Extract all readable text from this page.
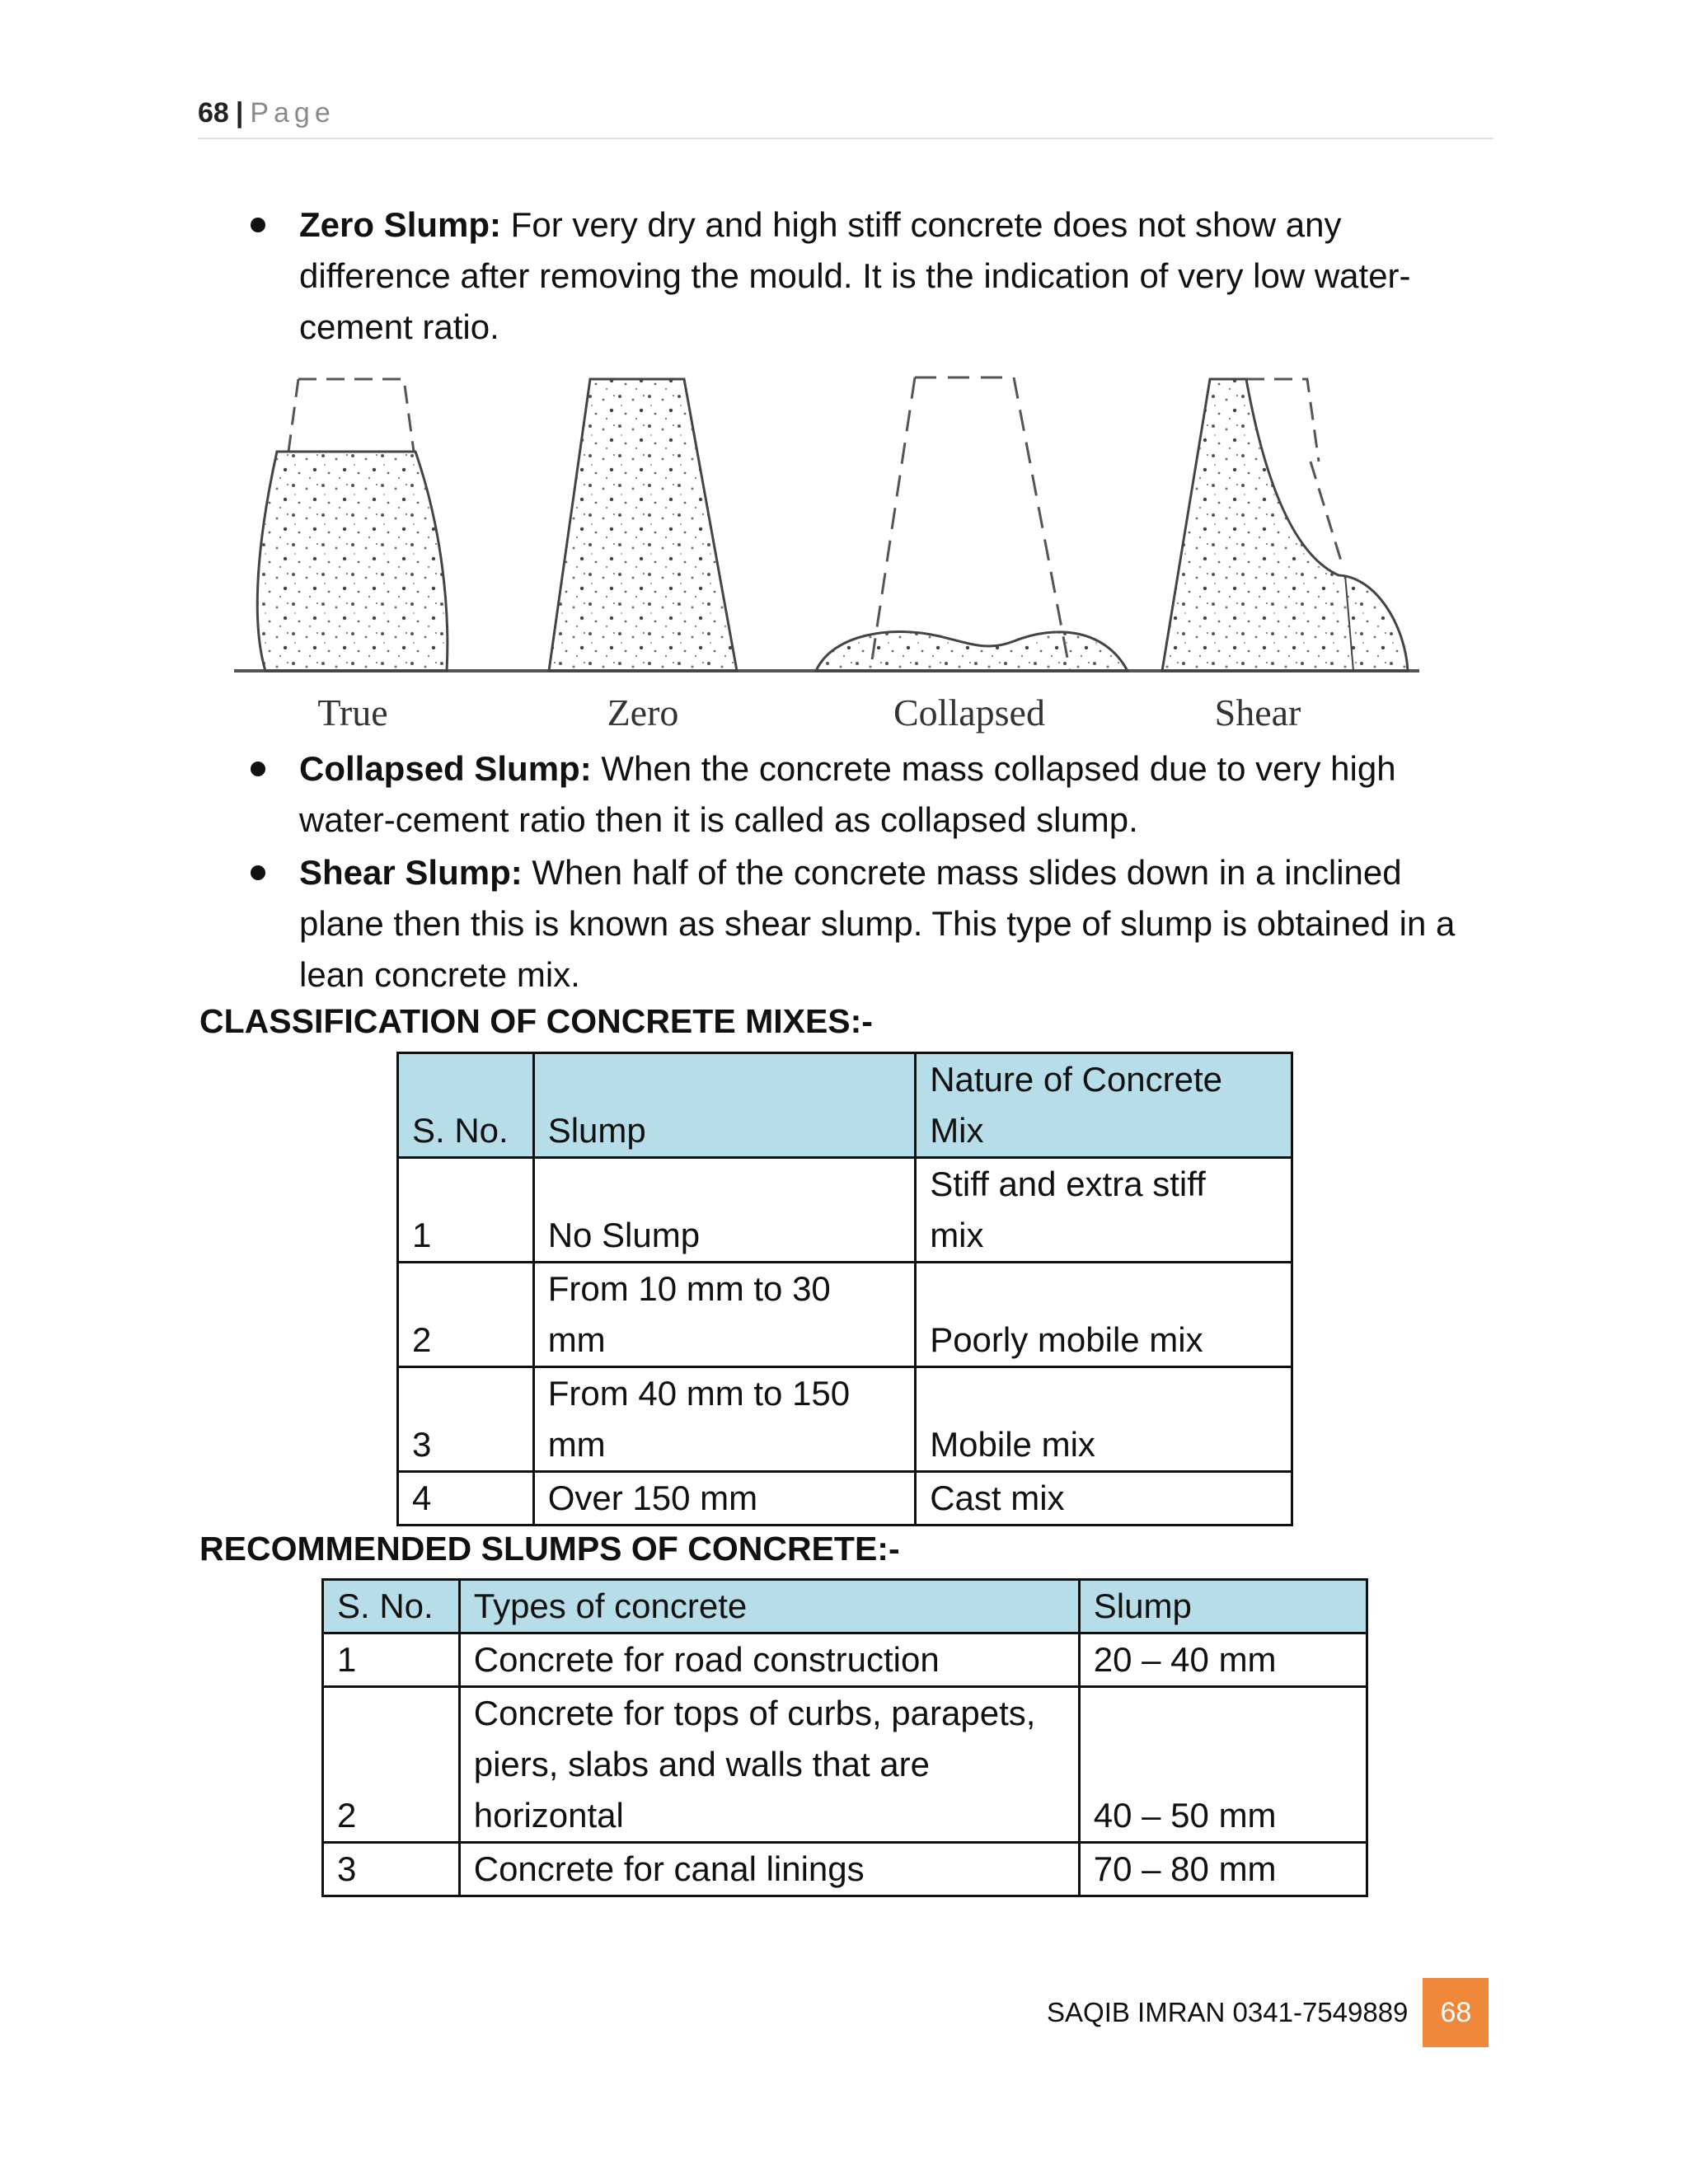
68 | Page
Zero Slump: For very dry and high stiff concrete does not show any
difference after removing the mould. It is the indication of very low water-
cement ratio.
True	Zero	Collapsed	Shear
Collapsed Slump: When the concrete mass collapsed due to very high
water-cement ratio then it is called as collapsed slump.
Shear Slump: When half of the concrete mass slides down in a inclined
plane then this is known as shear slump. This type of slump is obtained in a
lean concrete mix.
CLASSIFICATION OF CONCRETE MIXES:-
S. No.	Slump	Nature of Concrete
Mix
1	No Slump	Stiff and extra stiff
mix
2	From 10 mm to 30
mm	Poorly mobile mix
3	From 40 mm to 150
mm	Mobile mix
4	Over 150 mm	Cast mix
RECOMMENDED SLUMPS OF CONCRETE:-
S. No.	Types of concrete	Slump
1	Concrete for road construction	20 – 40 mm
2	Concrete for tops of curbs, parapets,
piers, slabs and walls that are
horizontal	40 – 50 mm
3	Concrete for canal linings	70 – 80 mm
SAQIB IMRAN 0341-7549889	68
